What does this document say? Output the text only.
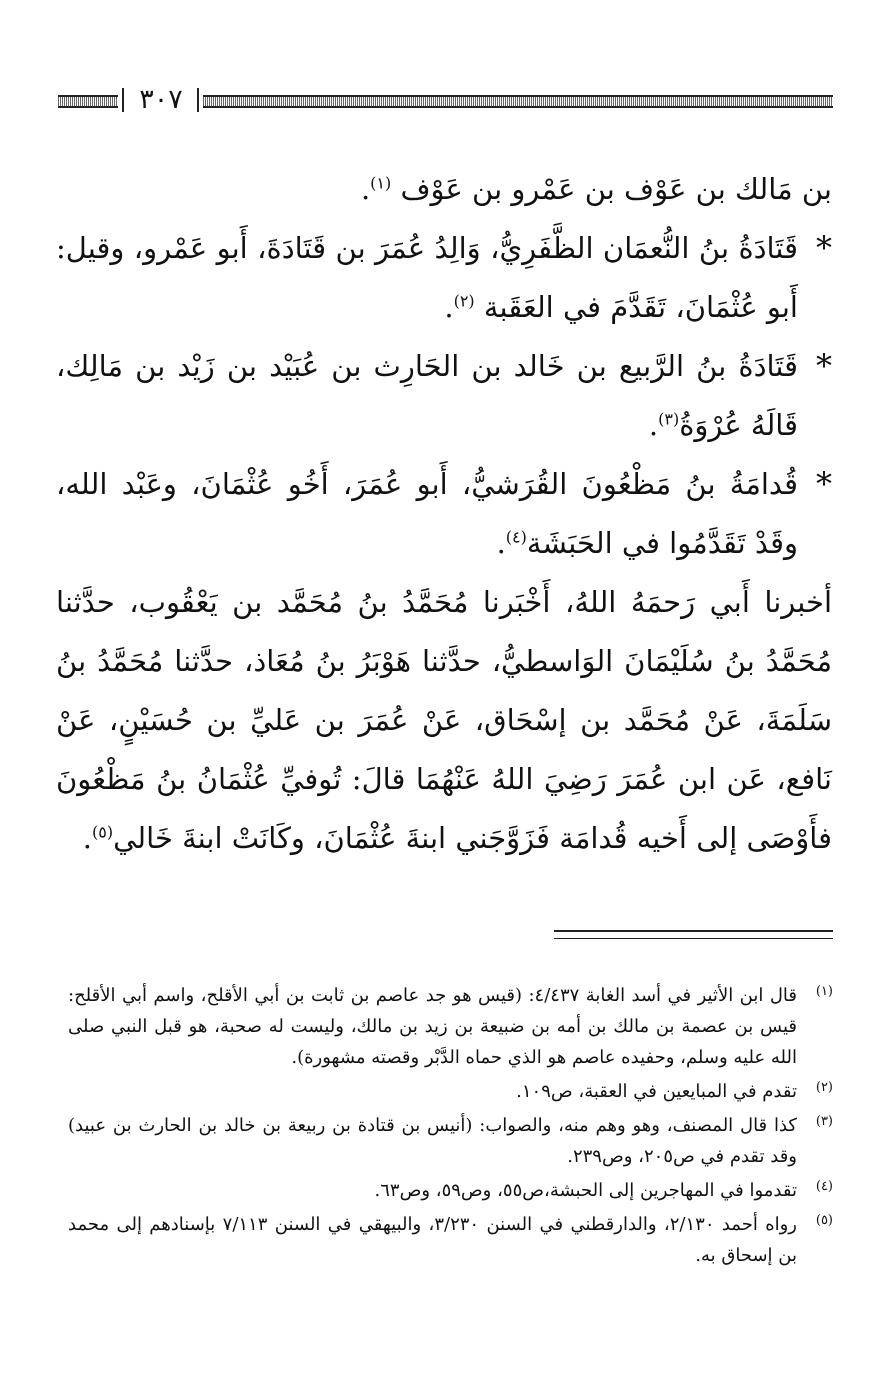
٣٠٧

بن مَالك بن عَوْف بن عَمْرو بن عَوْف $^{(١)}$.

*
قَتَادَةُ بنُ النُّعمَان الظَّفَرِيُّ، وَالِدُ عُمَرَ بن قَتَادَةَ، أَبو عَمْرو، وقيل: أَبو عُثْمَانَ، تَقَدَّمَ في العَقَبة $^{(٢)}$.

*
قَتَادَةُ بنُ الرَّبيع بن خَالد بن الحَارِث بن عُبَيْد بن زَيْد بن مَالِك، قَالَهُ عُرْوَةُ$^{(٣)}$.

*
قُدامَةُ بنُ مَظْعُونَ القُرَشيُّ، أَبو عُمَرَ، أَخُو عُثْمَانَ، وعَبْد الله، وقَدْ تَقَدَّمُوا في الحَبَشَة$^{(٤)}$.

أخبرنا أَبي رَحمَهُ اللهُ، أَخْبَرنا مُحَمَّدُ بنُ مُحَمَّد بن يَعْقُوب، حدَّثنا مُحَمَّدُ بنُ سُلَيْمَانَ الوَاسطيُّ، حدَّثنا هَوْبَرُ بنُ مُعَاذ، حدَّثنا مُحَمَّدُ بنُ سَلَمَةَ، عَنْ مُحَمَّد بن إسْحَاق، عَنْ عُمَرَ بن عَليِّ بن حُسَيْنٍ، عَنْ نَافع، عَن ابن عُمَرَ رَضِيَ اللهُ عَنْهُمَا قالَ: تُوفيِّ عُثْمَانُ بنُ مَظْعُونَ فأَوْصَى إلى أَخيه قُدامَة فَزَوَّجَني ابنةَ عُثْمَانَ، وكَانَتْ ابنةَ خَالي$^{(٥)}$.

(١)
قال ابن الأثير في أسد الغابة ٤/٤٣٧: (قيس هو جد عاصم بن ثابت بن أبي الأقلح، واسم أبي الأقلح: قيس بن عصمة بن مالك بن أمه بن ضبيعة بن زيد بن مالك، وليست له صحبة، هو قبل النبي صلى الله عليه وسلم، وحفيده عاصم هو الذي حماه الدَّبْر وقصته مشهورة).

(٢)
تقدم في المبايعين في العقبة، ص١٠٩.

(٣)
كذا قال المصنف، وهو وهم منه، والصواب: (أنيس بن قتادة بن ربيعة بن خالد بن الحارث بن عبيد) وقد تقدم في ص٢٠٥، وص٢٣٩.

(٤)
تقدموا في المهاجرين إلى الحبشة،ص٥٥، وص٥٩، وص٦٣.

(٥)
رواه أحمد ٢/١٣٠، والدارقطني في السنن ٣/٢٣٠، والبيهقي في السنن ٧/١١٣ بإسنادهم إلى محمد بن إسحاق به.
